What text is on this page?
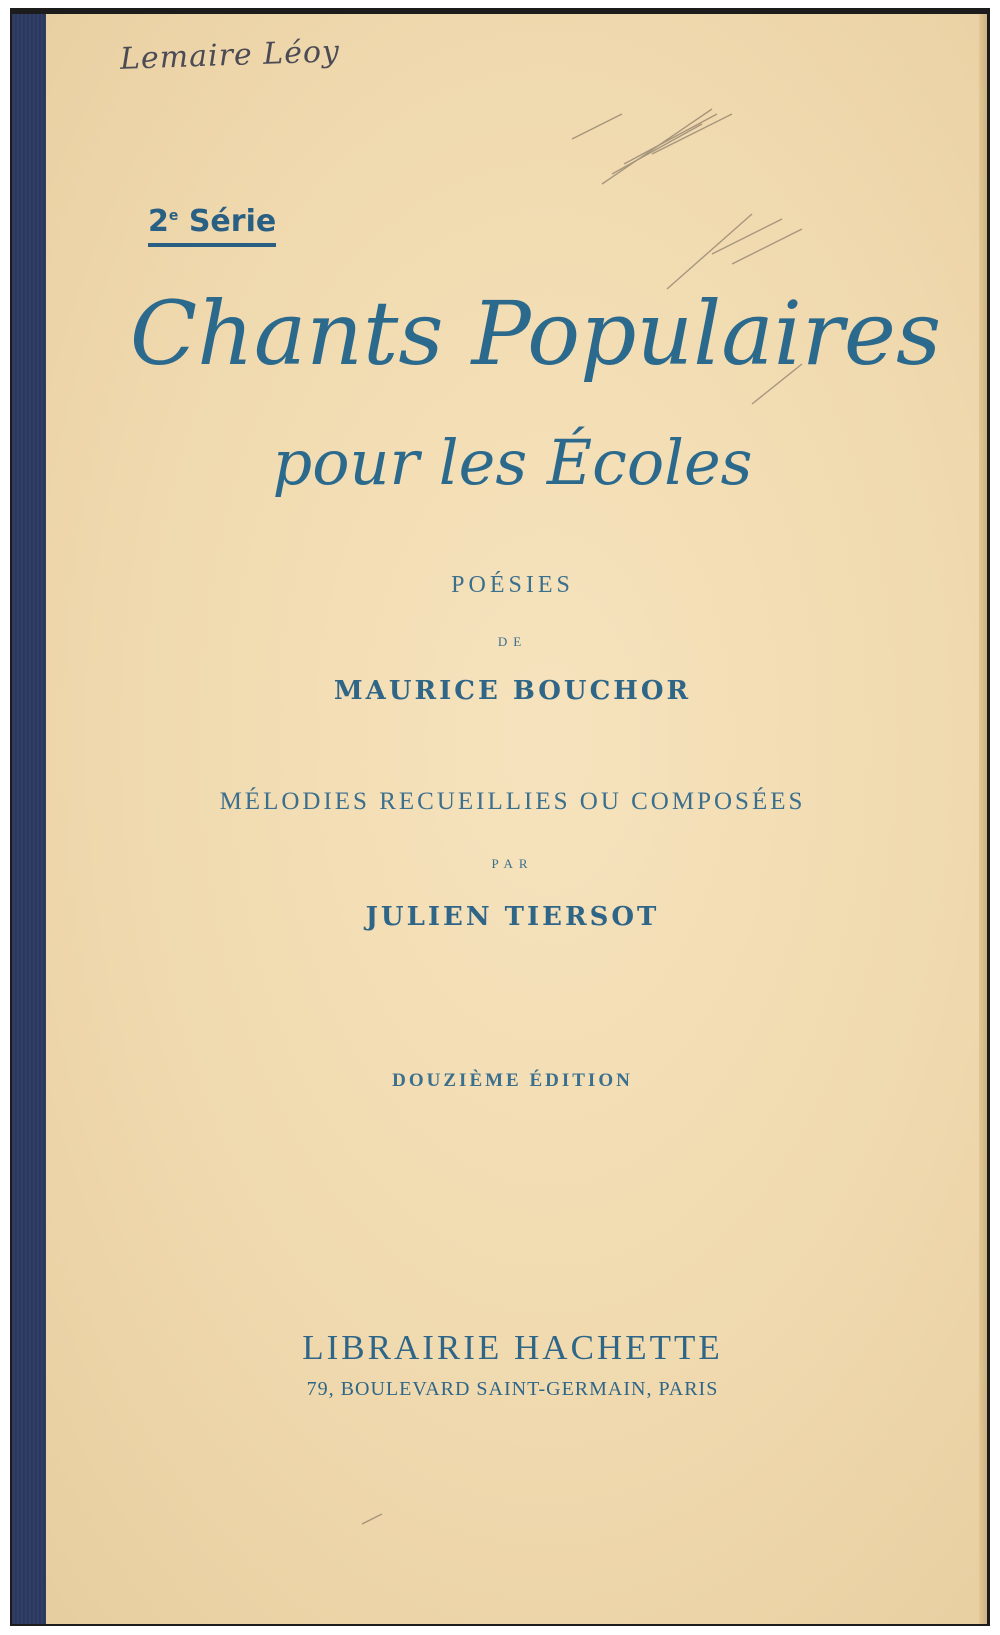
Lemaire Léoy
2e Série
Chants Populaires
pour les Écoles
POÉSIES
DE
MAURICE BOUCHOR
MÉLODIES RECUEILLIES OU COMPOSÉES
PAR
JULIEN TIERSOT
DOUZIÈME ÉDITION
LIBRAIRIE HACHETTE
79, BOULEVARD SAINT-GERMAIN, PARIS
